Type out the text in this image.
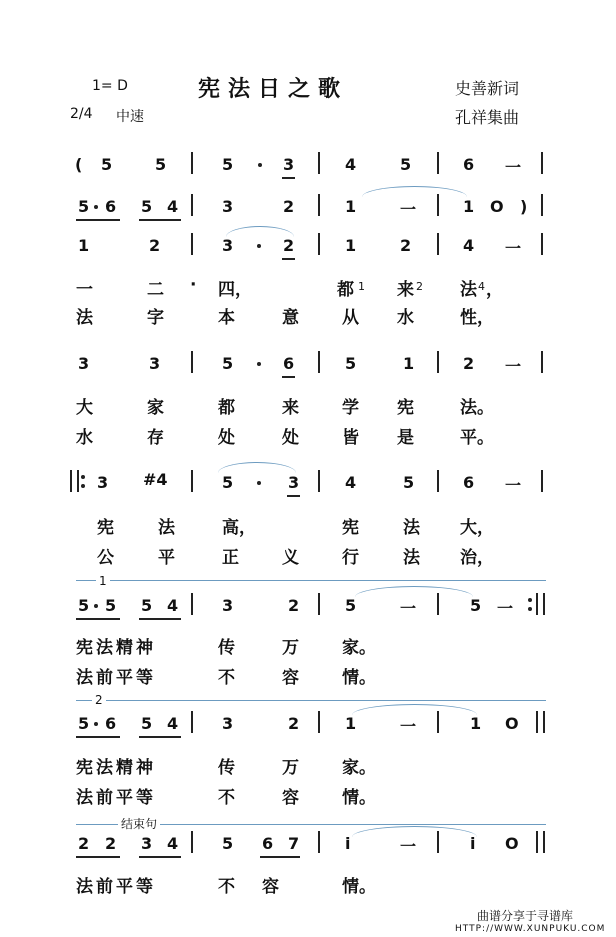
1= D
2/4 中速
宪法日之歌	史善新词
孔祥集曲
( 5	5	5	3	4	5	6 一
5 6 5 4	3	2	1	一	1 O )
1	2	3	2	1	2	4 一
一	二 · 四，	都 1 来 2 法 4 ，
法	字	本	意	从 水	性，
3	3	5	6	5	1	2 一
大	家	都	来	学 宪	法。
水	存	处	处	皆 是	平。
3 #4	5	3	4	5	6 一
宪	法	高，	宪	法 大，
公	平	正	义	行	法 治，
1
5 5 5 4	3	2	5	一	5 一
宪法精神	传	万	家。
法前平等	不	容	情。
2
5 6 5 4	3	2	1	一	1 O
宪法精神	传	万	家。
法前平等	不	容	情。
结束句
2 2 3 4	5 6 7	i	一	i O
法前平等	不 容	情。
曲谱分享于寻谱库
HTTP://WWW.XUNPUKU.COM
